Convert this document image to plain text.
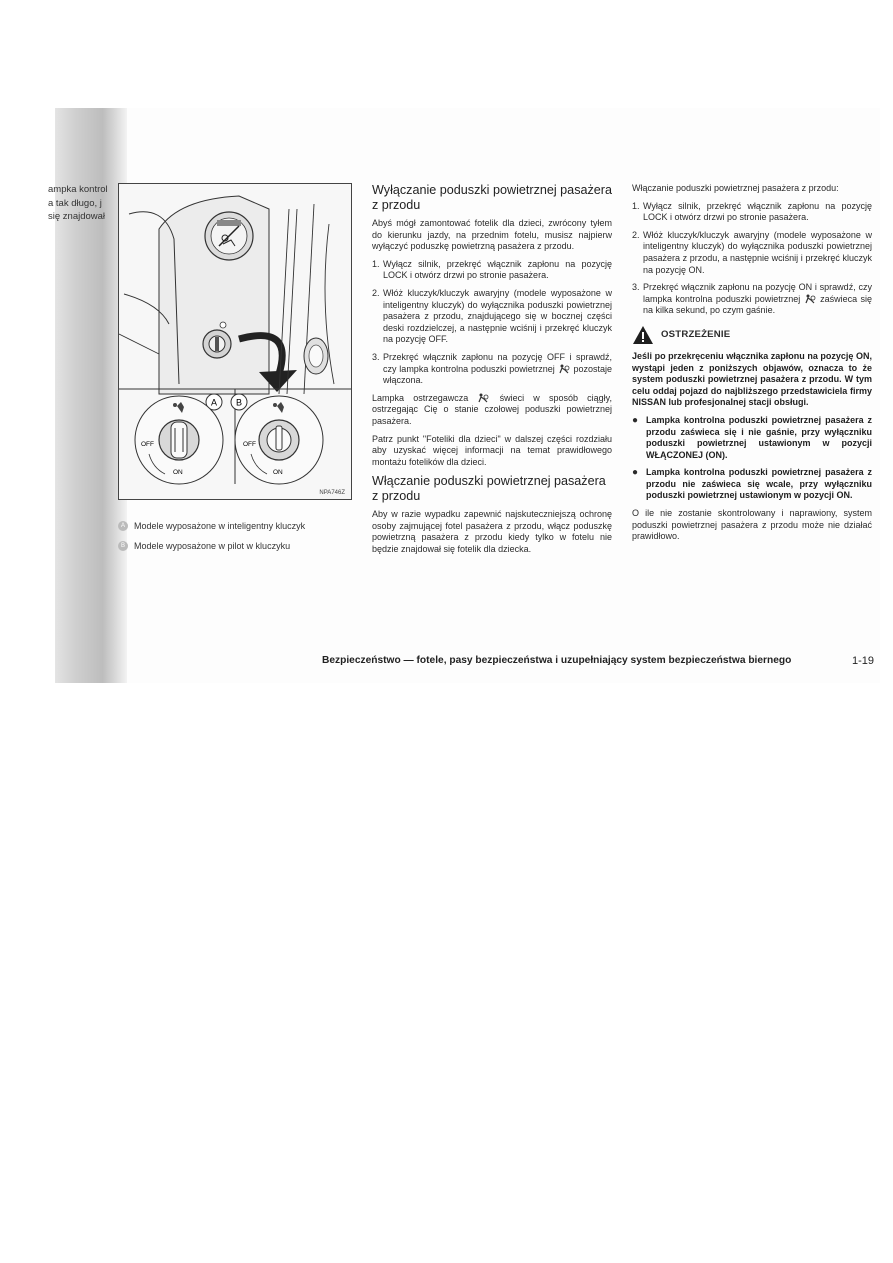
ampka kontrol
a tak długo, j
się znajdował
A B
OFF
ON
OFF
ON
NPA746Z
A	Modele wyposażone w inteligentny kluczyk
B	Modele wyposażone w pilot w kluczyku
Wyłączanie poduszki powietrznej pasażera z przodu

Abyś mógł zamontować fotelik dla dzieci, zwrócony tyłem do kierunku jazdy, na przednim fotelu, musisz najpierw wyłączyć poduszkę powietrzną pasażera z przodu.

1. Wyłącz silnik, przekręć włącznik zapłonu na pozycję LOCK i otwórz drzwi po stronie pasażera.
2. Włóż kluczyk/kluczyk awaryjny (modele wyposażone w inteligentny kluczyk) do wyłącznika poduszki powietrznej pasażera z przodu, znajdującego się w bocznej części deski rozdzielczej, a następnie wciśnij i przekręć kluczyk na pozycję OFF.
3. Przekręć włącznik zapłonu na pozycję OFF i sprawdź, czy lampka kontrolna poduszki powietrznej pozostaje włączona.

Lampka ostrzegawcza	świeci w sposób ciągły, ostrzegając Cię o stanie czołowej poduszki powietrznej pasażera.

Patrz punkt "Foteliki dla dzieci" w dalszej części rozdziału aby uzyskać więcej informacji na temat prawidłowego montażu fotelików dla dzieci.

Włączanie poduszki powietrznej pasażera z przodu

Aby w razie wypadku zapewnić najskuteczniejszą ochronę osoby zajmującej fotel pasażera z przodu, włącz poduszkę powietrzną pasażera z przodu kiedy tylko w fotelu nie będzie znajdował się fotelik dla dziecka.

Włączanie poduszki powietrznej pasażera z przodu:

1. Wyłącz silnik, przekręć włącznik zapłonu na pozycję LOCK i otwórz drzwi po stronie pasażera.
2. Włóż kluczyk/kluczyk awaryjny (modele wyposażone w inteligentny kluczyk) do wyłącznika poduszki powietrznej pasażera z przodu, a następnie wciśnij i przekręć kluczyk na pozycję ON.
3. Przekręć włącznik zapłonu na pozycję ON i sprawdź, czy lampka kontrolna poduszki powietrznej zaświeca się na kilka sekund, po czym gaśnie.
OSTRZEŻENIE

Jeśli po przekręceniu włącznika zapłonu na pozycję ON, wystąpi jeden z poniższych objawów, oznacza to że system poduszki powietrznej pasażera z przodu. W tym celu oddaj pojazd do najbliższego przedstawiciela firmy NISSAN lub profesjonalnej stacji obsługi.

● Lampka kontrolna poduszki powietrznej pasażera z przodu zaświeca się i nie gaśnie, przy wyłączniku poduszki powietrznej ustawionym w pozycji WŁĄCZONEJ (ON).
● Lampka kontrolna poduszki powietrznej pasażera z przodu nie zaświeca się wcale, przy wyłączniku poduszki powietrznej ustawionym w pozycji ON.

O ile nie zostanie skontrolowany i naprawiony, system poduszki powietrznej pasażera z przodu może nie działać prawidłowo.

Bezpieczeństwo — fotele, pasy bezpieczeństwa i uzupełniający system bezpieczeństwa biernego	1-19
